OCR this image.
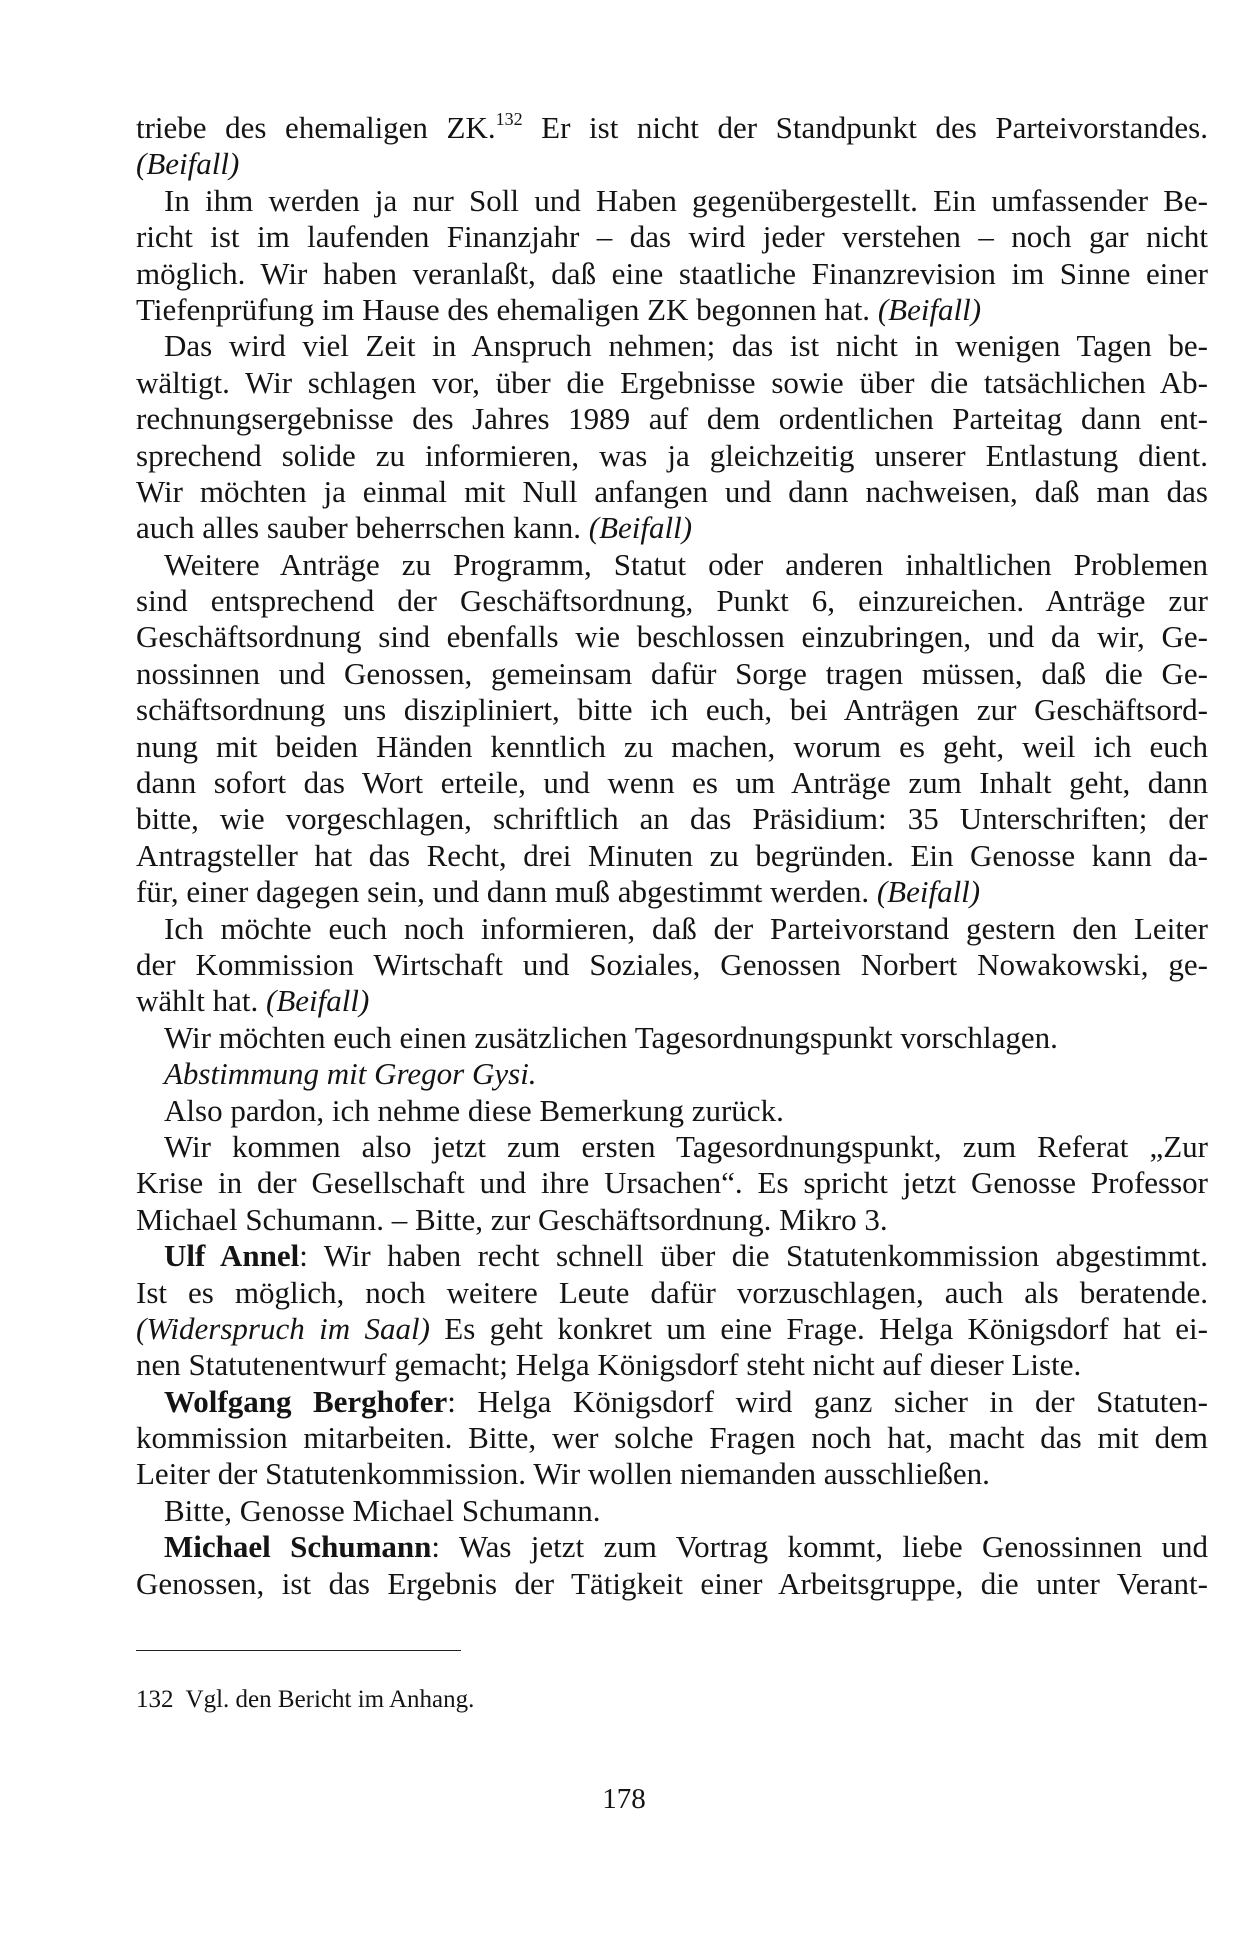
triebe des ehemaligen ZK.$^{132}$ Er ist nicht der Standpunkt des Parteivorstandes.
(Beifall)
In ihm werden ja nur Soll und Haben gegenübergestellt. Ein umfassender Be-
richt ist im laufenden Finanzjahr – das wird jeder verstehen – noch gar nicht
möglich. Wir haben veranlaßt, daß eine staatliche Finanzrevision im Sinne einer
Tiefenprüfung im Hause des ehemaligen ZK begonnen hat. (Beifall)
Das wird viel Zeit in Anspruch nehmen; das ist nicht in wenigen Tagen be-
wältigt. Wir schlagen vor, über die Ergebnisse sowie über die tatsächlichen Ab-
rechnungsergebnisse des Jahres 1989 auf dem ordentlichen Parteitag dann ent-
sprechend solide zu informieren, was ja gleichzeitig unserer Entlastung dient.
Wir möchten ja einmal mit Null anfangen und dann nachweisen, daß man das
auch alles sauber beherrschen kann. (Beifall)
Weitere Anträge zu Programm, Statut oder anderen inhaltlichen Problemen
sind entsprechend der Geschäftsordnung, Punkt 6, einzureichen. Anträge zur
Geschäftsordnung sind ebenfalls wie beschlossen einzubringen, und da wir, Ge-
nossinnen und Genossen, gemeinsam dafür Sorge tragen müssen, daß die Ge-
schäftsordnung uns diszipliniert, bitte ich euch, bei Anträgen zur Geschäftsord-
nung mit beiden Händen kenntlich zu machen, worum es geht, weil ich euch
dann sofort das Wort erteile, und wenn es um Anträge zum Inhalt geht, dann
bitte, wie vorgeschlagen, schriftlich an das Präsidium: 35 Unterschriften; der
Antragsteller hat das Recht, drei Minuten zu begründen. Ein Genosse kann da-
für, einer dagegen sein, und dann muß abgestimmt werden. (Beifall)
Ich möchte euch noch informieren, daß der Parteivorstand gestern den Leiter
der Kommission Wirtschaft und Soziales, Genossen Norbert Nowakowski, ge-
wählt hat. (Beifall)
Wir möchten euch einen zusätzlichen Tagesordnungspunkt vorschlagen.
Abstimmung mit Gregor Gysi.
Also pardon, ich nehme diese Bemerkung zurück.
Wir kommen also jetzt zum ersten Tagesordnungspunkt, zum Referat „Zur
Krise in der Gesellschaft und ihre Ursachen“. Es spricht jetzt Genosse Professor
Michael Schumann. – Bitte, zur Geschäftsordnung. Mikro 3.
Ulf Annel: Wir haben recht schnell über die Statutenkommission abgestimmt.
Ist es möglich, noch weitere Leute dafür vorzuschlagen, auch als beratende.
(Widerspruch im Saal) Es geht konkret um eine Frage. Helga Königsdorf hat ei-
nen Statutenentwurf gemacht; Helga Königsdorf steht nicht auf dieser Liste.
Wolfgang Berghofer: Helga Königsdorf wird ganz sicher in der Statuten-
kommission mitarbeiten. Bitte, wer solche Fragen noch hat, macht das mit dem
Leiter der Statutenkommission. Wir wollen niemanden ausschließen.
Bitte, Genosse Michael Schumann.
Michael Schumann: Was jetzt zum Vortrag kommt, liebe Genossinnen und
Genossen, ist das Ergebnis der Tätigkeit einer Arbeitsgruppe, die unter Verant-
132  Vgl. den Bericht im Anhang.
178
